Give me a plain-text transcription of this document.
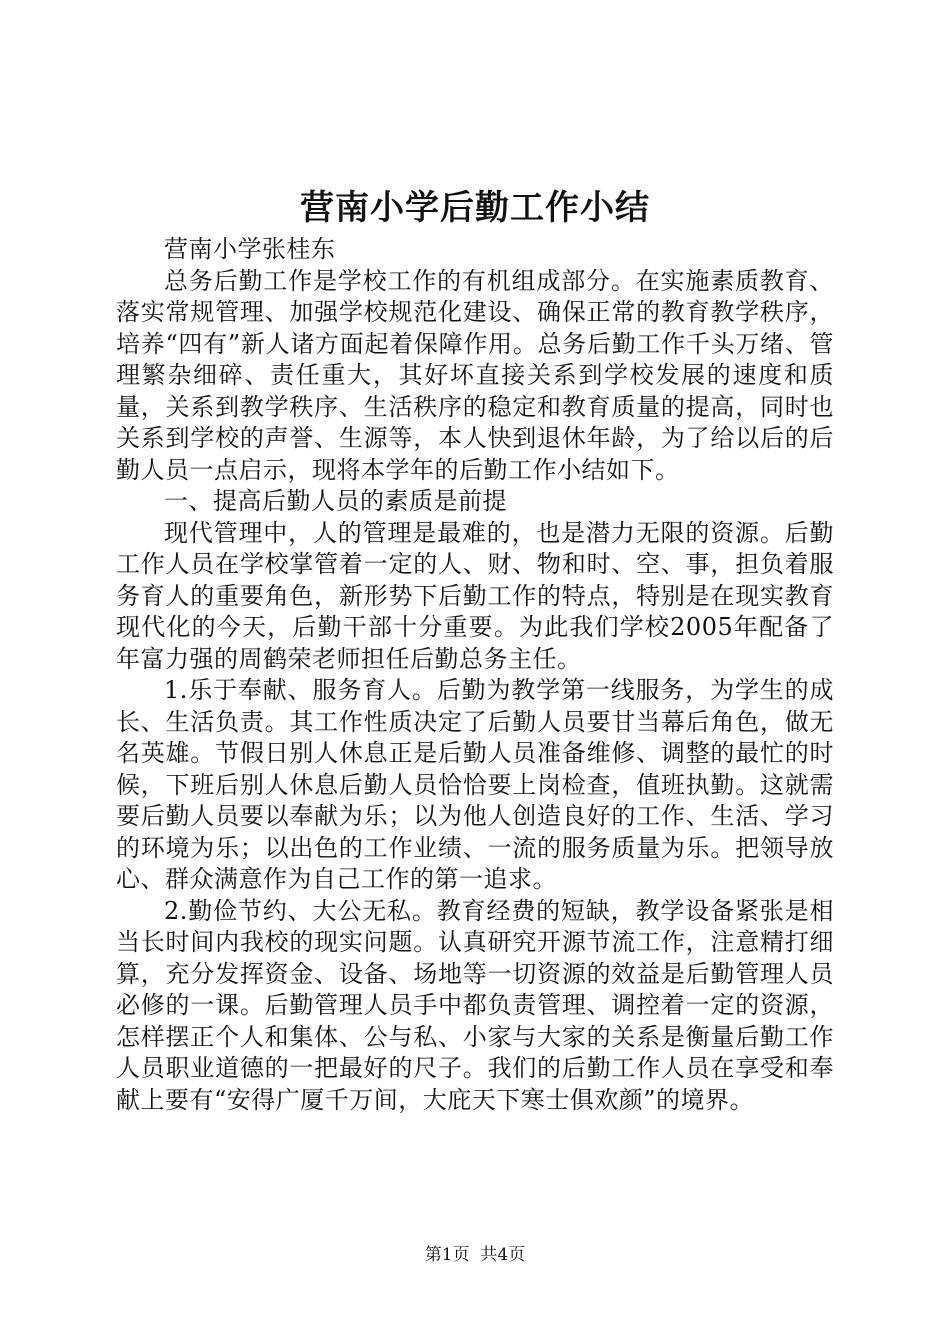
营南小学后勤工作小结

营南小学张桂东

总务后勤工作是学校工作的有机组成部分。在实施素质教育、落实常规管理、加强学校规范化建设、确保正常的教育教学秩序，培养“四有”新人诸方面起着保障作用。总务后勤工作千头万绪、管理繁杂细碎、责任重大，其好坏直接关系到学校发展的速度和质量，关系到教学秩序、生活秩序的稳定和教育质量的提高，同时也关系到学校的声誉、生源等，本人快到退休年龄，为了给以后的后勤人员一点启示，现将本学年的后勤工作小结如下。

一、提高后勤人员的素质是前提

现代管理中，人的管理是最难的，也是潜力无限的资源。后勤工作人员在学校掌管着一定的人、财、物和时、空、事，担负着服务育人的重要角色，新形势下后勤工作的特点，特别是在现实教育现代化的今天，后勤干部十分重要。为此我们学校2005年配备了年富力强的周鹤荣老师担任后勤总务主任。

1.乐于奉献、服务育人。后勤为教学第一线服务，为学生的成长、生活负责。其工作性质决定了后勤人员要甘当幕后角色，做无名英雄。节假日别人休息正是后勤人员准备维修、调整的最忙的时候，下班后别人休息后勤人员恰恰要上岗检查，值班执勤。这就需要后勤人员要以奉献为乐；以为他人创造良好的工作、生活、学习的环境为乐；以出色的工作业绩、一流的服务质量为乐。把领导放心、群众满意作为自己工作的第一追求。

2.勤俭节约、大公无私。教育经费的短缺，教学设备紧张是相当长时间内我校的现实问题。认真研究开源节流工作，注意精打细算，充分发挥资金、设备、场地等一切资源的效益是后勤管理人员必修的一课。后勤管理人员手中都负责管理、调控着一定的资源，怎样摆正个人和集体、公与私、小家与大家的关系是衡量后勤工作人员职业道德的一把最好的尺子。我们的后勤工作人员在享受和奉献上要有“安得广厦千万间，大庇天下寒士俱欢颜”的境界。

第1页 共4页
